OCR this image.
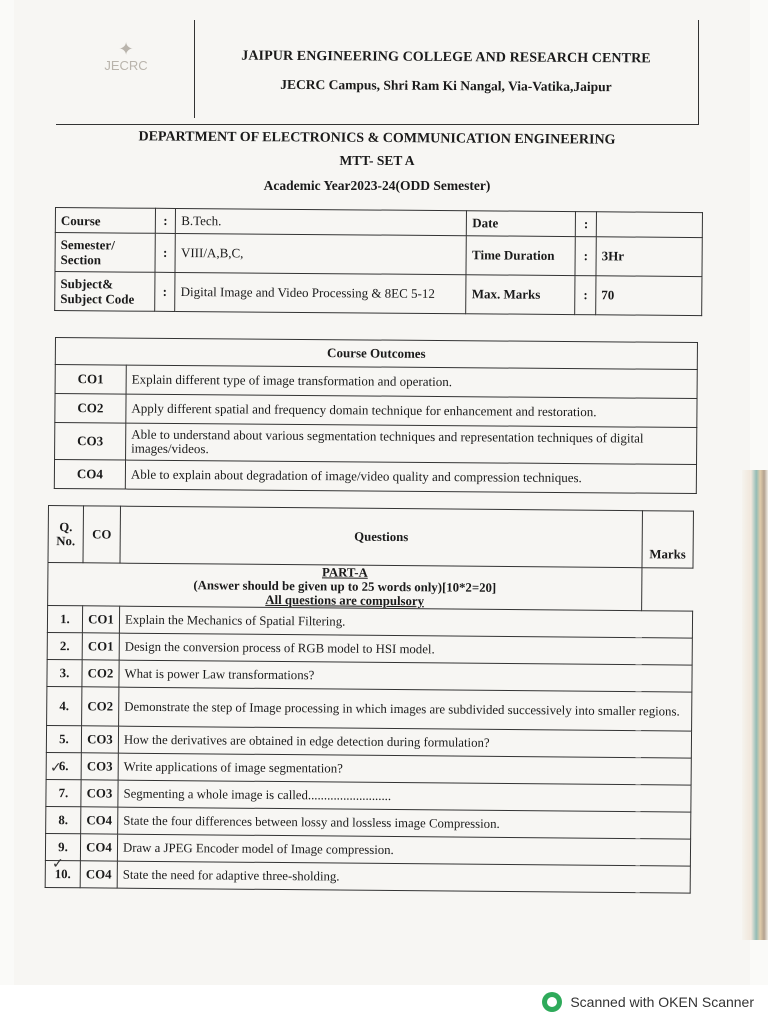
✦
JECRC	JAIPUR ENGINEERING COLLEGE AND RESEARCH CENTRE
JECRC Campus, Shri Ram Ki Nangal, Via-Vatika,Jaipur
DEPARTMENT OF ELECTRONICS & COMMUNICATION ENGINEERING
MTT- SET A
Academic Year2023-24(ODD Semester)
Course	:	B.Tech.	Date	:	
Semester/
Section	:	VIII/A,B,C,	Time Duration	:	3Hr
Subject&
Subject Code	:	Digital Image and Video Processing & 8EC 5-12	Max. Marks	:	70
Course Outcomes	
CO1	Explain different type of image transformation and operation.
CO2	Apply different spatial and frequency domain technique for enhancement and restoration.
CO3	Able to understand about various segmentation techniques and representation techniques of digital images/videos.
CO4	Able to explain about degradation of image/video quality and compression techniques.
Q. No.	CO	Questions	Marks
PART-A
(Answer should be given up to 25 words only)[10*2=20]
All questions are compulsory			
1.	CO1	Explain the Mechanics of Spatial Filtering.	
2.	CO1	Design the conversion process of RGB model to HSI model.	
3.	CO2	What is power Law transformations?	
4.	CO2	Demonstrate the step of Image processing in which images are subdivided successively into smaller regions.	
5.	CO3	How the derivatives are obtained in edge detection during formulation?	
6.	CO3	Write applications of image segmentation?	
7.	CO3	Segmenting a whole image is called..........................	
8.	CO4	State the four differences between lossy and lossless image Compression.	
9.	CO4	Draw a JPEG Encoder model of Image compression.	
10.	CO4	State the need for adaptive three-sholding.	
✓
✓
Scanned with OKEN Scanner
